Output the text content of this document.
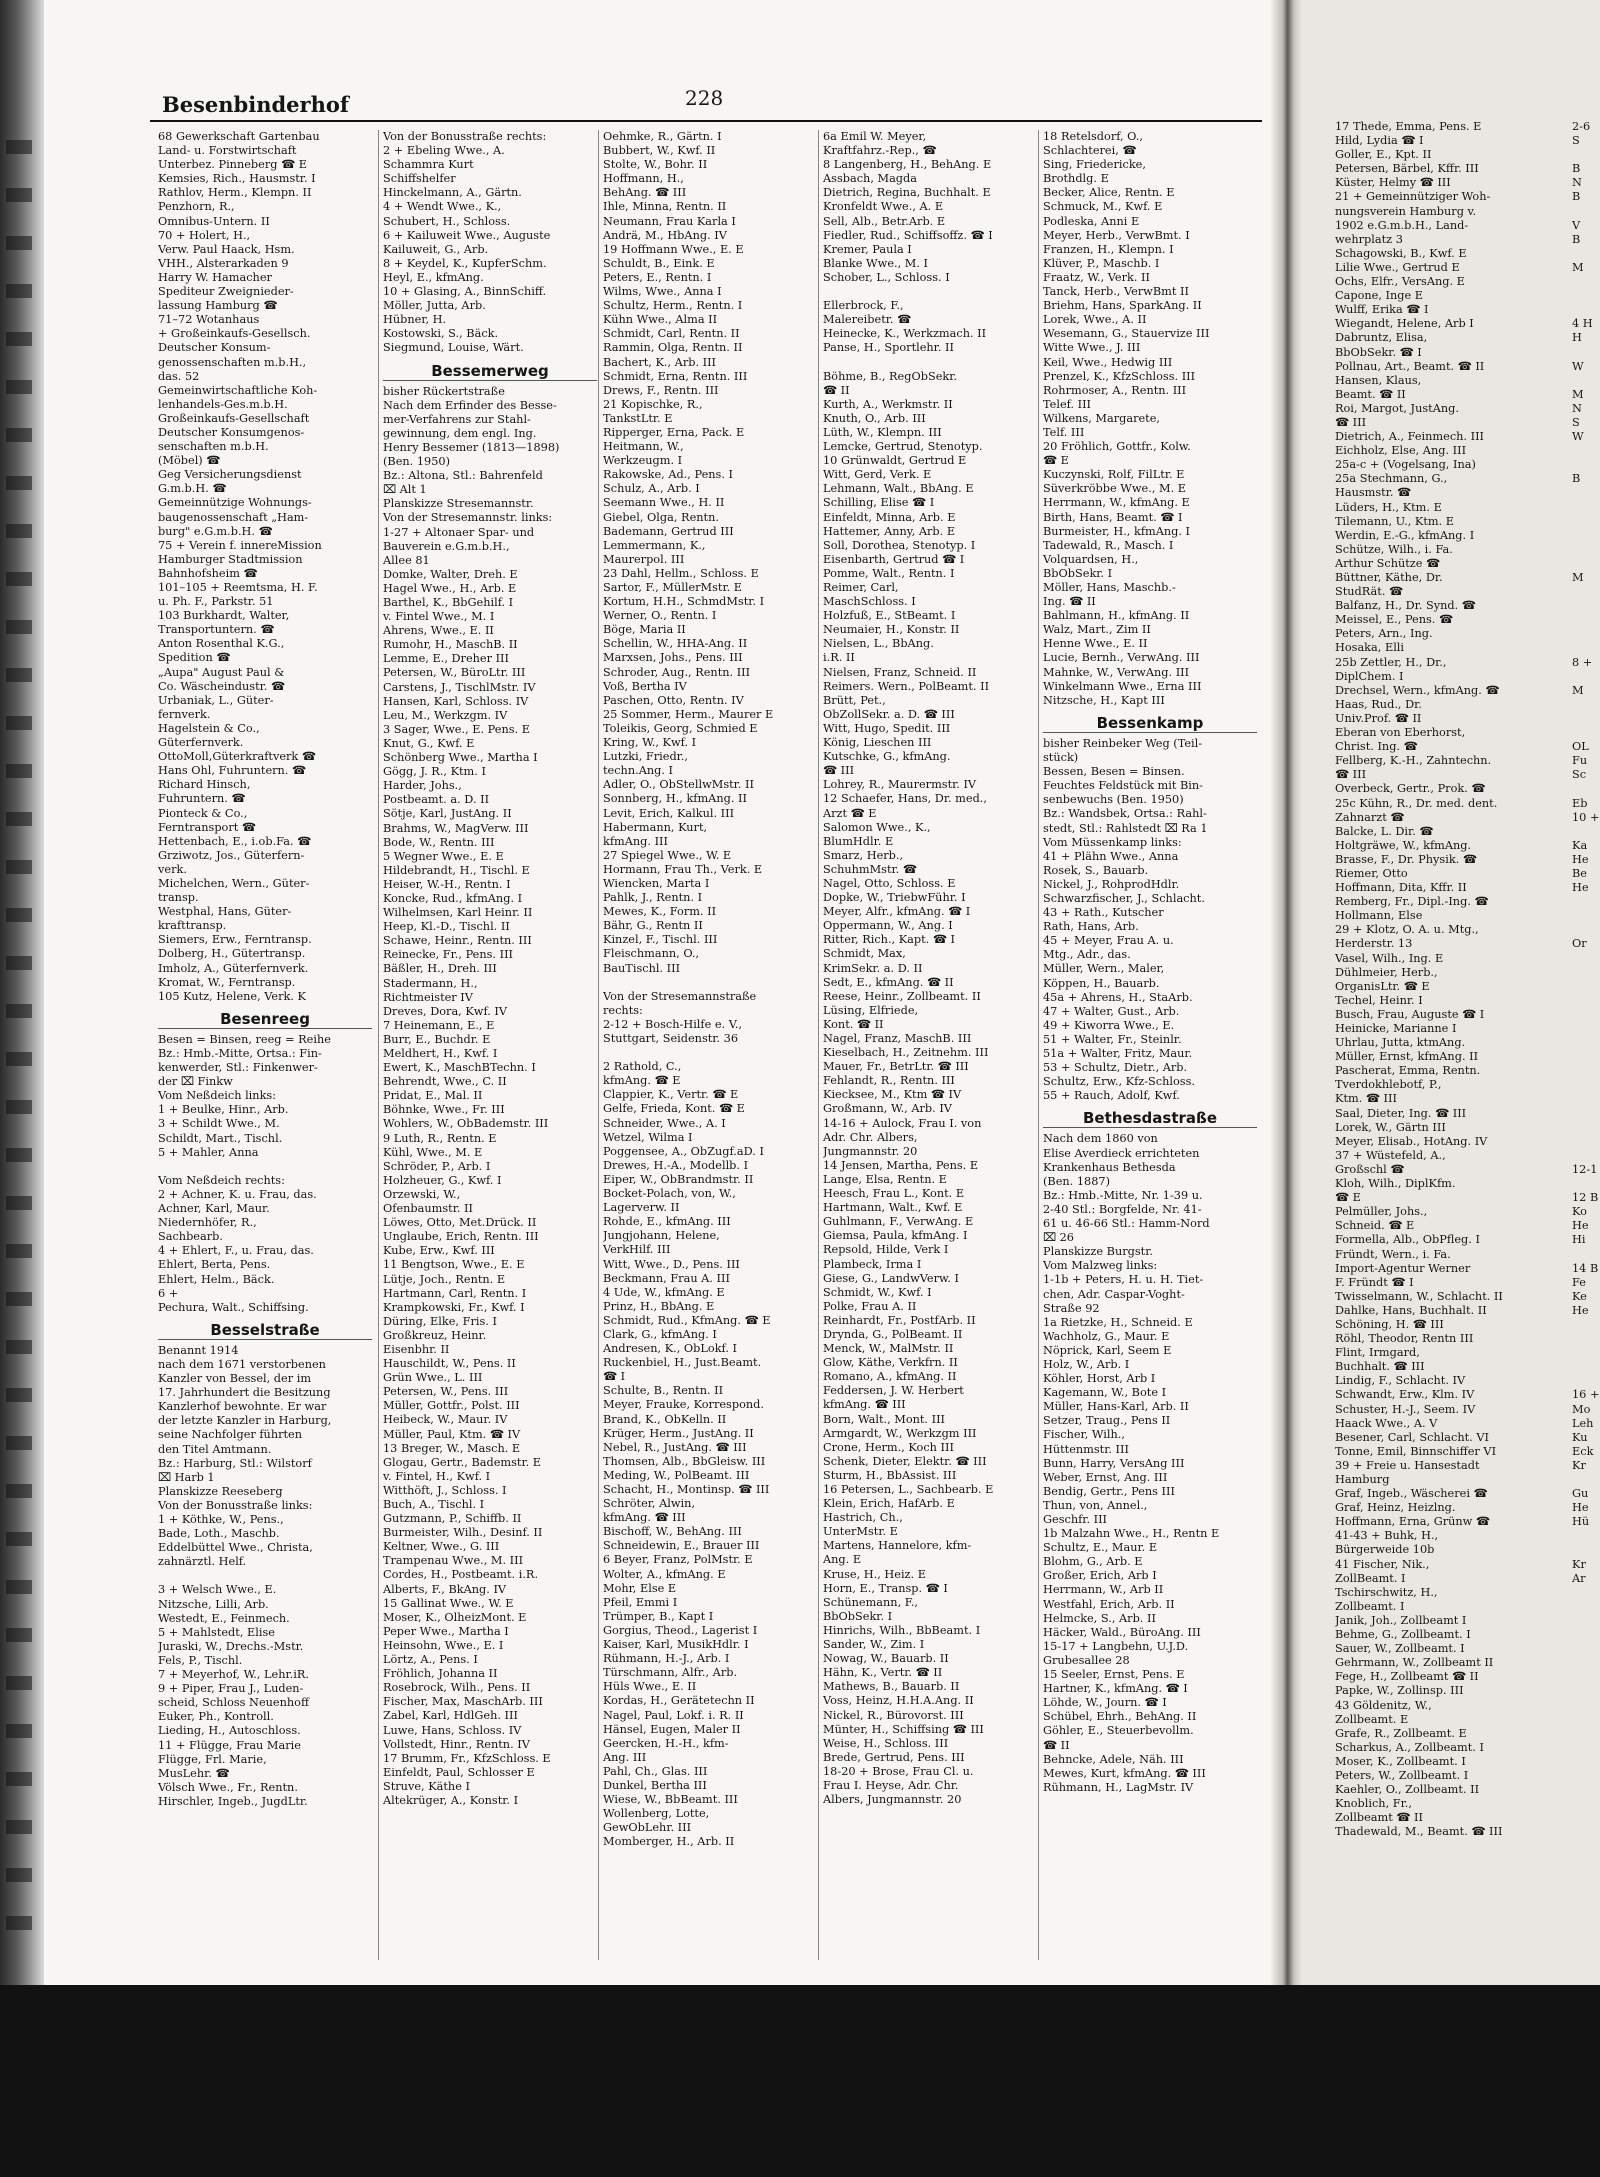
Besenbinderhof	228
68 Gewerkschaft Gartenbau
Land- u. Forstwirtschaft
Unterbez. Pinneberg ☎ E
Kemsies, Rich., Hausmstr. I
Rathlov, Herm., Klempn. II
Penzhorn, R.,
Omnibus-Untern. II
70 + Holert, H.,
Verw. Paul Haack, Hsm.
VHH., Alsterarkaden 9
Harry W. Hamacher
Spediteur Zweignieder-
lassung Hamburg ☎
71–72 Wotanhaus
+ Großeinkaufs-Gesellsch.
Deutscher Konsum-
genossenschaften m.b.H.,
das. 52
Gemeinwirtschaftliche Koh-
lenhandels-Ges.m.b.H.
Großeinkaufs-Gesellschaft
Deutscher Konsumgenos-
senschaften m.b.H.
(Möbel) ☎
Geg Versicherungsdienst
G.m.b.H. ☎
Gemeinnützige Wohnungs-
baugenossenschaft „Ham-
burg" e.G.m.b.H. ☎
75 + Verein f. innereMission
Hamburger Stadtmission
Bahnhofsheim ☎
101–105 + Reemtsma, H. F.
u. Ph. F., Parkstr. 51
103 Burkhardt, Walter,
Transportuntern. ☎
Anton Rosenthal K.G.,
Spedition ☎
„Aupa" August Paul &
Co. Wäscheindustr. ☎
Urbaniak, L., Güter-
fernverk.
Hagelstein & Co.,
Güterfernverk.
OttoMoll,Güterkraftverk ☎
Hans Ohl, Fuhruntern. ☎
Richard Hinsch,
Fuhruntern. ☎
Pionteck & Co.,
Ferntransport ☎
Hettenbach, E., i.ob.Fa. ☎
Grziwotz, Jos., Güterfern-
verk.
Michelchen, Wern., Güter-
transp.
Westphal, Hans, Güter-
krafttransp.
Siemers, Erw., Ferntransp.
Dolberg, H., Gütertransp.
Imholz, A., Güterfernverk.
Kromat, W., Ferntransp.
105 Kutz, Helene, Verk. K
Besenreeg
Besen = Binsen, reeg = Reihe
Bz.: Hmb.-Mitte, Ortsa.: Fin-
kenwerder, Stl.: Finkenwer-
der ⌧ Finkw
Vom Neßdeich links:
1 + Beulke, Hinr., Arb.
3 + Schildt Wwe., M.
Schildt, Mart., Tischl.
5 + Mahler, Anna

Vom Neßdeich rechts:
2 + Achner, K. u. Frau, das.
Achner, Karl, Maur.
Niedernhöfer, R.,
Sachbearb.
4 + Ehlert, F., u. Frau, das.
Ehlert, Berta, Pens.
Ehlert, Helm., Bäck.
6 +
Pechura, Walt., Schiffsing.
Besselstraße
Benannt 1914
nach dem 1671 verstorbenen
Kanzler von Bessel, der im
17. Jahrhundert die Besitzung
Kanzlerhof bewohnte. Er war
der letzte Kanzler in Harburg,
seine Nachfolger führten
den Titel Amtmann.
Bz.: Harburg, Stl.: Wilstorf
⌧ Harb 1
Planskizze Reeseberg
Von der Bonusstraße links:
1 + Köthke, W., Pens.,
Bade, Loth., Maschb.
Eddelbüttel Wwe., Christa,
zahnärztl. Helf.

3 + Welsch Wwe., E.
Nitzsche, Lilli, Arb.
Westedt, E., Feinmech.
5 + Mahlstedt, Elise
Juraski, W., Drechs.-Mstr.
Fels, P., Tischl.
7 + Meyerhof, W., Lehr.iR.
9 + Piper, Frau J., Luden-
scheid, Schloss Neuenhoff
Euker, Ph., Kontroll.
Lieding, H., Autoschloss.
11 + Flügge, Frau Marie
Flügge, Frl. Marie,
MusLehr. ☎
Völsch Wwe., Fr., Rentn.
Hirschler, Ingeb., JugdLtr.
Von der Bonusstraße rechts:
2 + Ebeling Wwe., A.
Schammra Kurt
Schiffshelfer
Hinckelmann, A., Gärtn.
4 + Wendt Wwe., K.,
Schubert, H., Schloss.
6 + Kailuweit Wwe., Auguste
Kailuweit, G., Arb.
8 + Keydel, K., KupferSchm.
Heyl, E., kfmAng.
10 + Glasing, A., BinnSchiff.
Möller, Jutta, Arb.
Hübner, H.
Kostowski, S., Bäck.
Siegmund, Louise, Wärt.
Bessemerweg
bisher Rückertstraße
Nach dem Erfinder des Besse-
mer-Verfahrens zur Stahl-
gewinnung, dem engl. Ing.
Henry Bessemer (1813—1898)
(Ben. 1950)
Bz.: Altona, Stl.: Bahrenfeld
⌧ Alt 1
Planskizze Stresemannstr.
Von der Stresemannstr. links:
1-27 + Altonaer Spar- und
Bauverein e.G.m.b.H.,
Allee 81
Domke, Walter, Dreh. E
Hagel Wwe., H., Arb. E
Barthel, K., BbGehilf. I
v. Fintel Wwe., M. I
Ahrens, Wwe., E. II
Rumohr, H., MaschB. II
Lemme, E., Dreher III
Petersen, W., BüroLtr. III
Carstens, J., TischlMstr. IV
Hansen, Karl, Schloss. IV
Leu, M., Werkzgm. IV
3 Sager, Wwe., E. Pens. E
Knut, G., Kwf. E
Schönberg Wwe., Martha I
Gögg, J. R., Ktm. I
Harder, Johs.,
Postbeamt. a. D. II
Sötje, Karl, JustAng. II
Brahms, W., MagVerw. III
Bode, W., Rentn. III
5 Wegner Wwe., E. E
Hildebrandt, H., Tischl. E
Heiser, W.-H., Rentn. I
Koncke, Rud., kfmAng. I
Wilhelmsen, Karl Heinr. II
Heep, Kl.-D., Tischl. II
Schawe, Heinr., Rentn. III
Reinecke, Fr., Pens. III
Bäßler, H., Dreh. III
Stadermann, H.,
Richtmeister IV
Dreves, Dora, Kwf. IV
7 Heinemann, E., E
Burr, E., Buchdr. E
Meldhert, H., Kwf. I
Ewert, K., MaschBTechn. I
Behrendt, Wwe., C. II
Pridat, E., Mal. II
Böhnke, Wwe., Fr. III
Wohlers, W., ObBademstr. III
9 Luth, R., Rentn. E
Kühl, Wwe., M. E
Schröder, P., Arb. I
Holzheuer, G., Kwf. I
Orzewski, W.,
Ofenbaumstr. II
Löwes, Otto, Met.Drück. II
Unglaube, Erich, Rentn. III
Kube, Erw., Kwf. III
11 Bengtson, Wwe., E. E
Lütje, Joch., Rentn. E
Hartmann, Carl, Rentn. I
Krampkowski, Fr., Kwf. I
Düring, Elke, Fris. I
Großkreuz, Heinr.
Eisenbhr. II
Hauschildt, W., Pens. II
Grün Wwe., L. III
Petersen, W., Pens. III
Müller, Gottfr., Polst. III
Heibeck, W., Maur. IV
Müller, Paul, Ktm. ☎ IV
13 Breger, W., Masch. E
Glogau, Gertr., Bademstr. E
v. Fintel, H., Kwf. I
Witthöft, J., Schloss. I
Buch, A., Tischl. I
Gutzmann, P., Schiffb. II
Burmeister, Wilh., Desinf. II
Keltner, Wwe., G. III
Trampenau Wwe., M. III
Cordes, H., Postbeamt. i.R.
Alberts, F., BkAng. IV
15 Gallinat Wwe., W. E
Moser, K., OlheizMont. E
Peper Wwe., Martha I
Heinsohn, Wwe., E. I
Lörtz, A., Pens. I
Fröhlich, Johanna II
Rosebrock, Wilh., Pens. II
Fischer, Max, MaschArb. III
Zabel, Karl, HdlGeh. III
Luwe, Hans, Schloss. IV
Vollstedt, Hinr., Rentn. IV
17 Brumm, Fr., KfzSchloss. E
Einfeldt, Paul, Schlosser E
Struve, Käthe I
Altekrüger, A., Konstr. I
Oehmke, R., Gärtn. I
Bubbert, W., Kwf. II
Stolte, W., Bohr. II
Hoffmann, H.,
BehAng. ☎ III
Ihle, Minna, Rentn. II
Neumann, Frau Karla I
Andrä, M., HbAng. IV
19 Hoffmann Wwe., E. E
Schuldt, B., Eink. E
Peters, E., Rentn. I
Wilms, Wwe., Anna I
Schultz, Herm., Rentn. I
Kühn Wwe., Alma II
Schmidt, Carl, Rentn. II
Rammin, Olga, Rentn. II
Bachert, K., Arb. III
Schmidt, Erna, Rentn. III
Drews, F., Rentn. III
21 Kopischke, R.,
TankstLtr. E
Ripperger, Erna, Pack. E
Heitmann, W.,
Werkzeugm. I
Rakowske, Ad., Pens. I
Schulz, A., Arb. I
Seemann Wwe., H. II
Giebel, Olga, Rentn.
Bademann, Gertrud III
Lemmermann, K.,
Maurerpol. III
23 Dahl, Hellm., Schloss. E
Sartor, F., MüllerMstr. E
Kortum, H.H., SchmdMstr. I
Werner, O., Rentn. I
Böge, Maria II
Schellin, W., HHA-Ang. II
Marxsen, Johs., Pens. III
Schroder, Aug., Rentn. III
Voß, Bertha IV
Paschen, Otto, Rentn. IV
25 Sommer, Herm., Maurer E
Toleikis, Georg, Schmied E
Kring, W., Kwf. I
Lutzki, Friedr.,
techn.Ang. I
Adler, O., ObStellwMstr. II
Sonnberg, H., kfmAng. II
Levit, Erich, Kalkul. III
Habermann, Kurt,
kfmAng. III
27 Spiegel Wwe., W. E
Hormann, Frau Th., Verk. E
Wiencken, Marta I
Pahlk, J., Rentn. I
Mewes, K., Form. II
Bähr, G., Rentn II
Kinzel, F., Tischl. III
Fleischmann, O.,
BauTischl. III

Von der Stresemannstraße
rechts:
2-12 + Bosch-Hilfe e. V.,
Stuttgart, Seidenstr. 36

2 Rathold, C.,
kfmAng. ☎ E
Clappier, K., Vertr. ☎ E
Gelfe, Frieda, Kont. ☎ E
Schneider, Wwe., A. I
Wetzel, Wilma I
Poggensee, A., ObZugf.aD. I
Drewes, H.-A., Modellb. I
Eiper, W., ObBrandmstr. II
Bocket-Polach, von, W.,
Lagerverw. II
Rohde, E., kfmAng. III
Jungjohann, Helene,
VerkHilf. III
Witt, Wwe., D., Pens. III
Beckmann, Frau A. III
4 Ude, W., kfmAng. E
Prinz, H., BbAng. E
Schmidt, Rud., KfmAng. ☎ E
Clark, G., kfmAng. I
Andresen, K., ObLokf. I
Ruckenbiel, H., Just.Beamt.
☎ I
Schulte, B., Rentn. II
Meyer, Frauke, Korrespond.
Brand, K., ObKelln. II
Krüger, Herm., JustAng. II
Nebel, R., JustAng. ☎ III
Thomsen, Alb., BbGleisw. III
Meding, W., PolBeamt. III
Schacht, H., Montinsp. ☎ III
Schröter, Alwin,
kfmAng. ☎ III
Bischoff, W., BehAng. III
Schneidewin, E., Brauer III
6 Beyer, Franz, PolMstr. E
Wolter, A., kfmAng. E
Mohr, Else E
Pfeil, Emmi I
Trümper, B., Kapt I
Gorgius, Theod., Lagerist I
Kaiser, Karl, MusikHdlr. I
Rühmann, H.-J., Arb. I
Türschmann, Alfr., Arb.
Hüls Wwe., E. II
Kordas, H., Gerätetechn II
Nagel, Paul, Lokf. i. R. II
Hänsel, Eugen, Maler II
Geercken, H.-H., kfm-
Ang. III
Pahl, Ch., Glas. III
Dunkel, Bertha III
Wiese, W., BbBeamt. III
Wollenberg, Lotte,
GewObLehr. III
Momberger, H., Arb. II
6a Emil W. Meyer,
Kraftfahrz.-Rep., ☎
8 Langenberg, H., BehAng. E
Assbach, Magda
Dietrich, Regina, Buchhalt. E
Kronfeldt Wwe., A. E
Sell, Alb., Betr.Arb. E
Fiedler, Rud., Schiffsoffz. ☎ I
Kremer, Paula I
Blanke Wwe., M. I
Schober, L., Schloss. I

Ellerbrock, F.,
Malereibetr. ☎
Heinecke, K., Werkzmach. II
Panse, H., Sportlehr. II

Böhme, B., RegObSekr.
☎ II
Kurth, A., Werkmstr. II
Knuth, O., Arb. III
Lüth, W., Klempn. III
Lemcke, Gertrud, Stenotyp.
10 Grünwaldt, Gertrud E
Witt, Gerd, Verk. E
Lehmann, Walt., BbAng. E
Schilling, Elise ☎ I
Einfeldt, Minna, Arb. E
Hattemer, Anny, Arb. E
Soll, Dorothea, Stenotyp. I
Eisenbarth, Gertrud ☎ I
Pomme, Walt., Rentn. I
Reimer, Carl,
MaschSchloss. I
Holzfuß, E., StBeamt. I
Neumaier, H., Konstr. II
Nielsen, L., BbAng.
i.R. II
Nielsen, Franz, Schneid. II
Reimers. Wern., PolBeamt. II
Brütt, Pet.,
ObZollSekr. a. D. ☎ III
Witt, Hugo, Spedit. III
König, Lieschen III
Kutschke, G., kfmAng.
☎ III
Lohrey, R., Maurermstr. IV
12 Schaefer, Hans, Dr. med.,
Arzt ☎ E
Salomon Wwe., K.,
BlumHdlr. E
Smarz, Herb.,
SchuhmMstr. ☎
Nagel, Otto, Schloss. E
Dopke, W., TriebwFühr. I
Meyer, Alfr., kfmAng. ☎ I
Oppermann, W., Ang. I
Ritter, Rich., Kapt. ☎ I
Schmidt, Max,
KrimSekr. a. D. II
Sedt, E., kfmAng. ☎ II
Reese, Heinr., Zollbeamt. II
Lüsing, Elfriede,
Kont. ☎ II
Nagel, Franz, MaschB. III
Kieselbach, H., Zeitnehm. III
Mauer, Fr., BetrLtr. ☎ III
Fehlandt, R., Rentn. III
Kiecksee, M., Ktm ☎ IV
Großmann, W., Arb. IV
14-16 + Aulock, Frau I. von
Adr. Chr. Albers,
Jungmannstr. 20
14 Jensen, Martha, Pens. E
Lange, Elsa, Rentn. E
Heesch, Frau L., Kont. E
Hartmann, Walt., Kwf. E
Guhlmann, F., VerwAng. E
Giemsa, Paula, kfmAng. I
Repsold, Hilde, Verk I
Plambeck, Irma I
Giese, G., LandwVerw. I
Schmidt, W., Kwf. I
Polke, Frau A. II
Reinhardt, Fr., PostfArb. II
Dryndа, G., PolBeamt. II
Menck, W., MalMstr. II
Glow, Käthe, Verkfrn. II
Romano, A., kfmAng. II
Feddersen, J. W. Herbert
kfmAng. ☎ III
Born, Walt., Mont. III
Armgardt, W., Werkzgm III
Crone, Herm., Koch III
Schenk, Dieter, Elektr. ☎ III
Sturm, H., BbAssist. III
16 Petersen, L., Sachbearb. E
Klein, Erich, HafArb. E
Hastrich, Ch.,
UnterMstr. E
Martens, Hannelore, kfm-
Ang. E
Kruse, H., Heiz. E
Horn, E., Transp. ☎ I
Schünemann, F.,
BbObSekr. I
Hinrichs, Wilh., BbBeamt. I
Sander, W., Zim. I
Nowag, W., Bauarb. II
Hähn, K., Vertr. ☎ II
Mathews, B., Bauarb. II
Voss, Heinz, H.H.A.Ang. II
Nickel, R., Bürovorst. III
Münter, H., Schiffsing ☎ III
Weise, H., Schloss. III
Brede, Gertrud, Pens. III
18-20 + Brose, Frau Cl. u.
Frau I. Heyse, Adr. Chr.
Albers, Jungmannstr. 20
18 Retelsdorf, O.,
Schlachterei, ☎
Sing, Friedericke,
Brothdlg. E
Becker, Alice, Rentn. E
Schmuck, M., Kwf. E
Podleska, Anni E
Meyer, Herb., VerwBmt. I
Franzen, H., Klempn. I
Klüver, P., Maschb. I
Fraatz, W., Verk. II
Tanck, Herb., VerwBmt II
Briehm, Hans, SparkAng. II
Lorek, Wwe., A. II
Wesemann, G., Stauervize III
Witte Wwe., J. III
Keil, Wwe., Hedwig III
Prenzel, K., KfzSchloss. III
Rohrmoser, A., Rentn. III
Telef. III
Wilkens, Margarete,
Telf. III
20 Fröhlich, Gottfr., Kolw.
☎ E
Kuczynski, Rolf, FilLtr. E
Süverkröbbe Wwe., M. E
Herrmann, W., kfmAng. E
Birth, Hans, Beamt. ☎ I
Burmeister, H., kfmAng. I
Tadewald, R., Masch. I
Volquardsen, H.,
BbObSekr. I
Möller, Hans, Maschb.-
Ing. ☎ II
Bahlmann, H., kfmAng. II
Walz, Mart., Zim II
Henne Wwe., E. II
Lucie, Bernh., VerwAng. III
Mahnke, W., VerwAng. III
Winkelmann Wwe., Erna III
Nitzsche, H., Kapt III
Bessenkamp
bisher Reinbeker Weg (Teil-
stück)
Bessen, Besen = Binsen.
Feuchtes Feldstück mit Bin-
senbewuchs (Ben. 1950)
Bz.: Wandsbek, Ortsa.: Rahl-
stedt, Stl.: Rahlstedt ⌧ Ra 1
Vom Müssenkamp links:
41 + Plähn Wwe., Anna
Rosek, S., Bauarb.
Nickel, J., RohprodHdlr.
Schwarzfischer, J., Schlacht.
43 + Rath., Kutscher
Rath, Hans, Arb.
45 + Meyer, Frau A. u.
Mtg., Adr., das.
Müller, Wern., Maler,
Köppen, H., Bauarb.
45a + Ahrens, H., StaArb.
47 + Walter, Gust., Arb.
49 + Kiworra Wwe., E.
51 + Walter, Fr., Steinlr.
51a + Walter, Fritz, Maur.
53 + Schultz, Dietr., Arb.
Schultz, Erw., Kfz-Schloss.
55 + Rauch, Adolf, Kwf.
Bethesdastraße
Nach dem 1860 von
Elise Averdieck errichteten
Krankenhaus Bethesda
(Ben. 1887)
Bz.: Hmb.-Mitte, Nr. 1-39 u.
2-40 Stl.: Borgfelde, Nr. 41-
61 u. 46-66 Stl.: Hamm-Nord
⌧ 26
Planskizze Burgstr.
Vom Malzweg links:
1-1b + Peters, H. u. H. Tiet-
chen, Adr. Caspar-Voght-
Straße 92
1a Rietzke, H., Schneid. E
Wachholz, G., Maur. E
Nöprick, Karl, Seem E
Holz, W., Arb. I
Köhler, Horst, Arb I
Kagemann, W., Bote I
Müller, Hans-Karl, Arb. II
Setzer, Traug., Pens II
Fischer, Wilh.,
Hüttenmstr. III
Bunn, Harry, VersAng III
Weber, Ernst, Ang. III
Bendig, Gertr., Pens III
Thun, von, Annel.,
Geschfr. III
1b Malzahn Wwe., H., Rentn E
Schultz, E., Maur. E
Blohm, G., Arb. E
Großer, Erich, Arb I
Herrmann, W., Arb II
Westfahl, Erich, Arb. II
Helmcke, S., Arb. II
Häcker, Wald., BüroAng. III
15-17 + Langbehn, U.J.D.
Grubesallee 28
15 Seeler, Ernst, Pens. E
Hartner, K., kfmAng. ☎ I
Löhde, W., Journ. ☎ I
Schübel, Ehrh., BehAng. II
Göhler, E., Steuerbevollm.
☎ II
Behncke, Adele, Näh. III
Mewes, Kurt, kfmAng. ☎ III
Rühmann, H., LagMstr. IV
17 Thede, Emma, Pens. E
Hild, Lydia ☎ I
Goller, E., Kpt. II
Petersen, Bärbel, Kffr. III
Küster, Helmy ☎ III
21 + Gemeinnütziger Woh-
nungsverein Hamburg v.
1902 e.G.m.b.H., Land-
wehrplatz 3
Schagowski, B., Kwf. E
Lilie Wwe., Gertrud E
Ochs, Elfr., VersAng. E
Capone, Inge E
Wulff, Erika ☎ I
Wiegandt, Helene, Arb I
Dabruntz, Elisa,
BbObSekr. ☎ I
Pollnau, Art., Beamt. ☎ II
Hansen, Klaus,
Beamt. ☎ II
Roi, Margot, JustAng.
☎ III
Dietrich, A., Feinmech. III
Eichholz, Else, Ang. III
25a-c + (Vogelsang, Ina)
25a Stechmann, G.,
Hausmstr. ☎
Lüders, H., Ktm. E
Tilemann, U., Ktm. E
Werdin, E.-G., kfmAng. I
Schütze, Wilh., i. Fa.
Arthur Schütze ☎
Büttner, Käthe, Dr.
StudRät. ☎
Balfanz, H., Dr. Synd. ☎
Meissel, E., Pens. ☎
Peters, Arn., Ing.
Hosaka, Elli
25b Zettler, H., Dr.,
DiplChem. I
Drechsel, Wern., kfmAng. ☎
Haas, Rud., Dr.
Univ.Prof. ☎ II
Eberan von Eberhorst,
Christ. Ing. ☎
Fellberg, K.-H., Zahntechn.
☎ III
Overbeck, Gertr., Prok. ☎
25c Kühn, R., Dr. med. dent.
Zahnarzt ☎
Balcke, L. Dir. ☎
Holtgräwe, W., kfmAng.
Brasse, F., Dr. Physik. ☎
Riemer, Otto
Hoffmann, Dita, Kffr. II
Remberg, Fr., Dipl.-Ing. ☎
Hollmann, Else
29 + Klotz, O. A. u. Mtg.,
Herderstr. 13
Vasel, Wilh., Ing. E
Dühlmeier, Herb.,
OrganisLtr. ☎ E
Techel, Heinr. I
Busch, Frau, Auguste ☎ I
Heinicke, Marianne I
Uhrlau, Jutta, ktmAng.
Müller, Ernst, kfmAng. II
Pascherat, Emma, Rentn.
Tverdokhlebotf, P.,
Ktm. ☎ III
Saal, Dieter, Ing. ☎ III
Lorek, W., Gärtn III
Meyer, Elisab., HotAng. IV
37 + Wüstefeld, A.,
Großschl ☎
Kloh, Wilh., DiplKfm.
☎ E
Pelmüller, Johs.,
Schneid. ☎ E
Formella, Alb., ObPfleg. I
Fründt, Wern., i. Fa.
Import-Agentur Werner
F. Fründt ☎ I
Twisselmann, W., Schlacht. II
Dahlke, Hans, Buchhalt. II
Schöning, H. ☎ III
Röhl, Theodor, Rentn III
Flint, Irmgard,
Buchhalt. ☎ III
Lindig, F., Schlacht. IV
Schwandt, Erw., Klm. IV
Schuster, H.-J., Seem. IV
Haack Wwe., A. V
Besener, Carl, Schlacht. VI
Tonne, Emil, Binnschiffer VI
39 + Freie u. Hansestadt
Hamburg
Graf, Ingeb., Wäscherei ☎
Graf, Heinz, Heizlng.
Hoffmann, Erna, Grünw ☎
41-43 + Buhk, H.,
Bürgerweide 10b
41 Fischer, Nik.,
ZollBeamt. I
Tschirschwitz, H.,
Zollbeamt. I
Janik, Joh., Zollbeamt I
Behme, G., Zollbeamt. I
Sauer, W., Zollbeamt. I
Gehrmann, W., Zollbeamt II
Fege, H., Zollbeamt ☎ II
Papke, W., Zollinsp. III
43 Göldenitz, W.,
Zollbeamt. E
Grafe, R., Zollbeamt. E
Scharkus, A., Zollbeamt. I
Moser, K., Zollbeamt. I
Peters, W., Zollbeamt. I
Kaehler, O., Zollbeamt. II
Knoblich, Fr.,
Zollbeamt ☎ II
Thadewald, M., Beamt. ☎ III
2-6
S

B
N
B

V
B

M

4 H
H

W

M
N
S
W

B

M

8 +

M

OL
Fu
Sc

Eb
10 +

Ka
He
Be
He

Or

12-1

12 B
Ko
He
Hi

14 B
Fe
Ke
He

16 +
Mo
Leh
Ku
Eck
Kr

Gu
He
Hü

Kr
Ar
